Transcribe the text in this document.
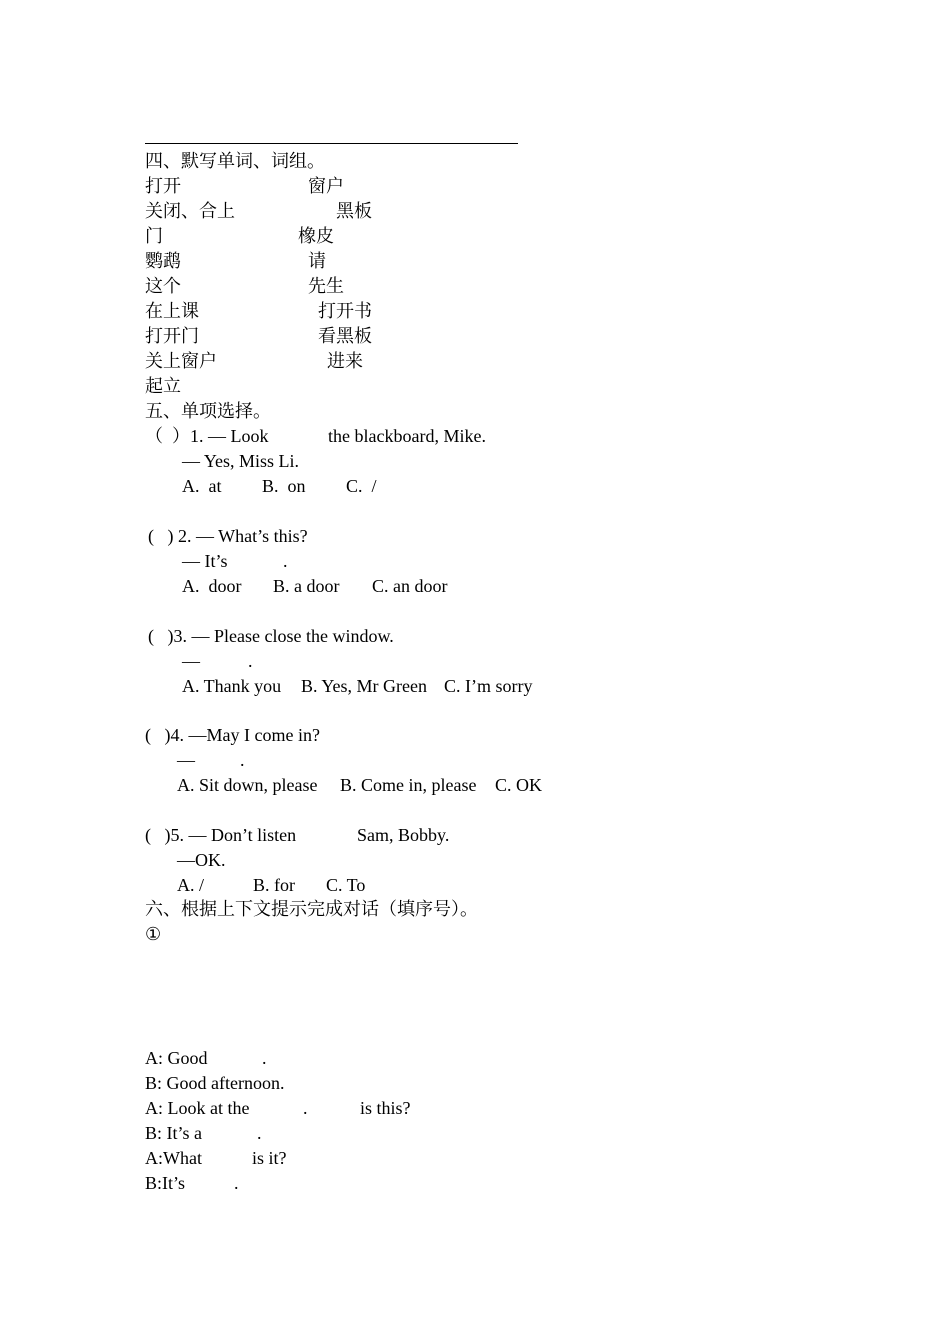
四、默写单词、词组。
打开	窗户
关闭、合上	黑板
门	橡皮
鹦鹉	请
这个	先生
在上课	打开书
打开门	看黑板
关上窗户	进来
起立
五、单项选择。
（  ）1. — Look	the blackboard, Mike.
— Yes, Miss Li.
A.  at B.  on C.  /
(   ) 2. — What’s this?
— It’s	.
A.  door B. a door C. an door
(   )3. — Please close the window.
—	.
A. Thank you B. Yes, Mr Green C. I’m sorry
(   )4. —May I come in?
—	.
A. Sit down, please B. Come in, please C. OK
(   )5. — Don’t listen	Sam, Bobby.
—OK.
A. /	B. for C. To
六、根据上下文提示完成对话（填序号）。
①
A: Good	.
B: Good afternoon.
A: Look at the	.	is this?
B: It’s a	.
A:What	is it?
B:It’s	.
